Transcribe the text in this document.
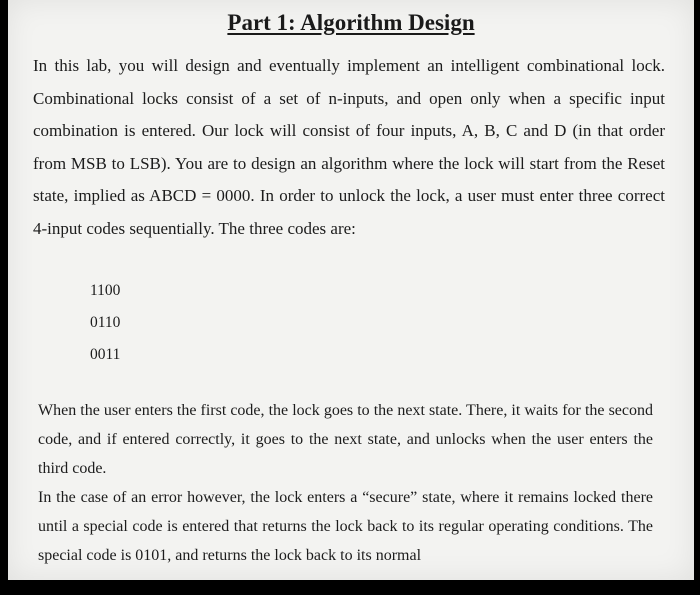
Part 1: Algorithm Design

In this lab, you will design and eventually implement an intelligent combinational lock. Combinational locks consist of a set of n-inputs, and open only when a specific input combination is entered. Our lock will consist of four inputs, A, B, C and D (in that order from MSB to LSB). You are to design an algorithm where the lock will start from the Reset state, implied as ABCD = 0000. In order to unlock the lock, a user must enter three correct 4-input codes sequentially. The three codes are:

1100
0110
0011

When the user enters the first code, the lock goes to the next state. There, it waits for the second code, and if entered correctly, it goes to the next state, and unlocks when the user enters the third code.

In the case of an error however, the lock enters a “secure” state, where it remains locked there until a special code is entered that returns the lock back to its regular operating conditions. The special code is 0101, and returns the lock back to its normal
